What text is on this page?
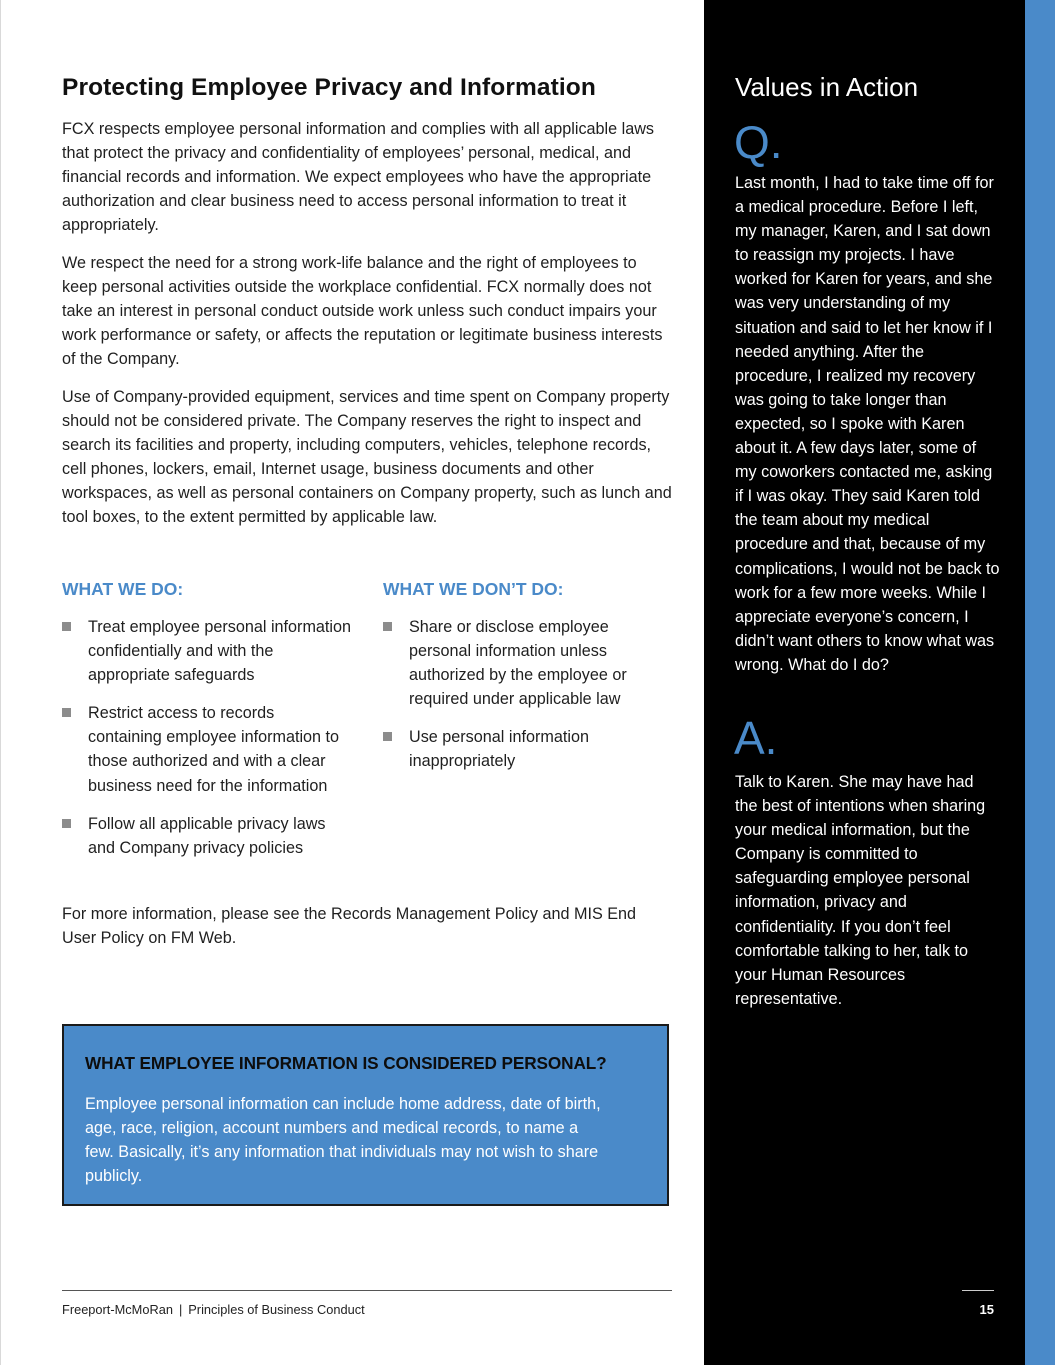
Protecting Employee Privacy and Information

FCX respects employee personal information and complies with all applicable laws that protect the privacy and confidentiality of employees’ personal, medical, and financial records and information. We expect employees who have the appropriate authorization and clear business need to access personal information to treat it appropriately.

We respect the need for a strong work-life balance and the right of employees to keep personal activities outside the workplace confidential. FCX normally does not take an interest in personal conduct outside work unless such conduct impairs your work performance or safety, or affects the reputation or legitimate business interests of the Company.

Use of Company-provided equipment, services and time spent on Company property should not be considered private. The Company reserves the right to inspect and search its facilities and property, including computers, vehicles, telephone records, cell phones, lockers, email, Internet usage, business documents and other workspaces, as well as personal containers on Company property, such as lunch and tool boxes, to the extent permitted by applicable law.

WHAT WE DO:	WHAT WE DON’T DO:
Treat employee personal information confidentially and with the appropriate safeguards
Restrict access to records containing employee information to those authorized and with a clear business need for the information
Follow all applicable privacy laws and Company privacy policies
Share or disclose employee personal information unless authorized by the employee or required under applicable law
Use personal information inappropriately

For more information, please see the Records Management Policy and MIS End User Policy on FM Web.

WHAT EMPLOYEE INFORMATION IS CONSIDERED PERSONAL?

Employee personal information can include home address, date of birth, age, race, religion, account numbers and medical records, to name a few. Basically, it’s any information that individuals may not wish to share publicly.

Freeport-McMoRan | Principles of Business Conduct
Values in Action
Q.

Last month, I had to take time off for a medical procedure. Before I left, my manager, Karen, and I sat down to reassign my projects. I have worked for Karen for years, and she was very understanding of my situation and said to let her know if I needed anything. After the procedure, I realized my recovery was going to take longer than expected, so I spoke with Karen about it. A few days later, some of my coworkers contacted me, asking if I was okay. They said Karen told the team about my medical procedure and that, because of my complications, I would not be back to work for a few more weeks. While I appreciate everyone’s concern, I didn’t want others to know what was wrong. What do I do?

A.

Talk to Karen. She may have had the best of intentions when sharing your medical information, but the Company is committed to safeguarding employee personal information, privacy and confidentiality. If you don’t feel comfortable talking to her, talk to your Human Resources representative.

15
